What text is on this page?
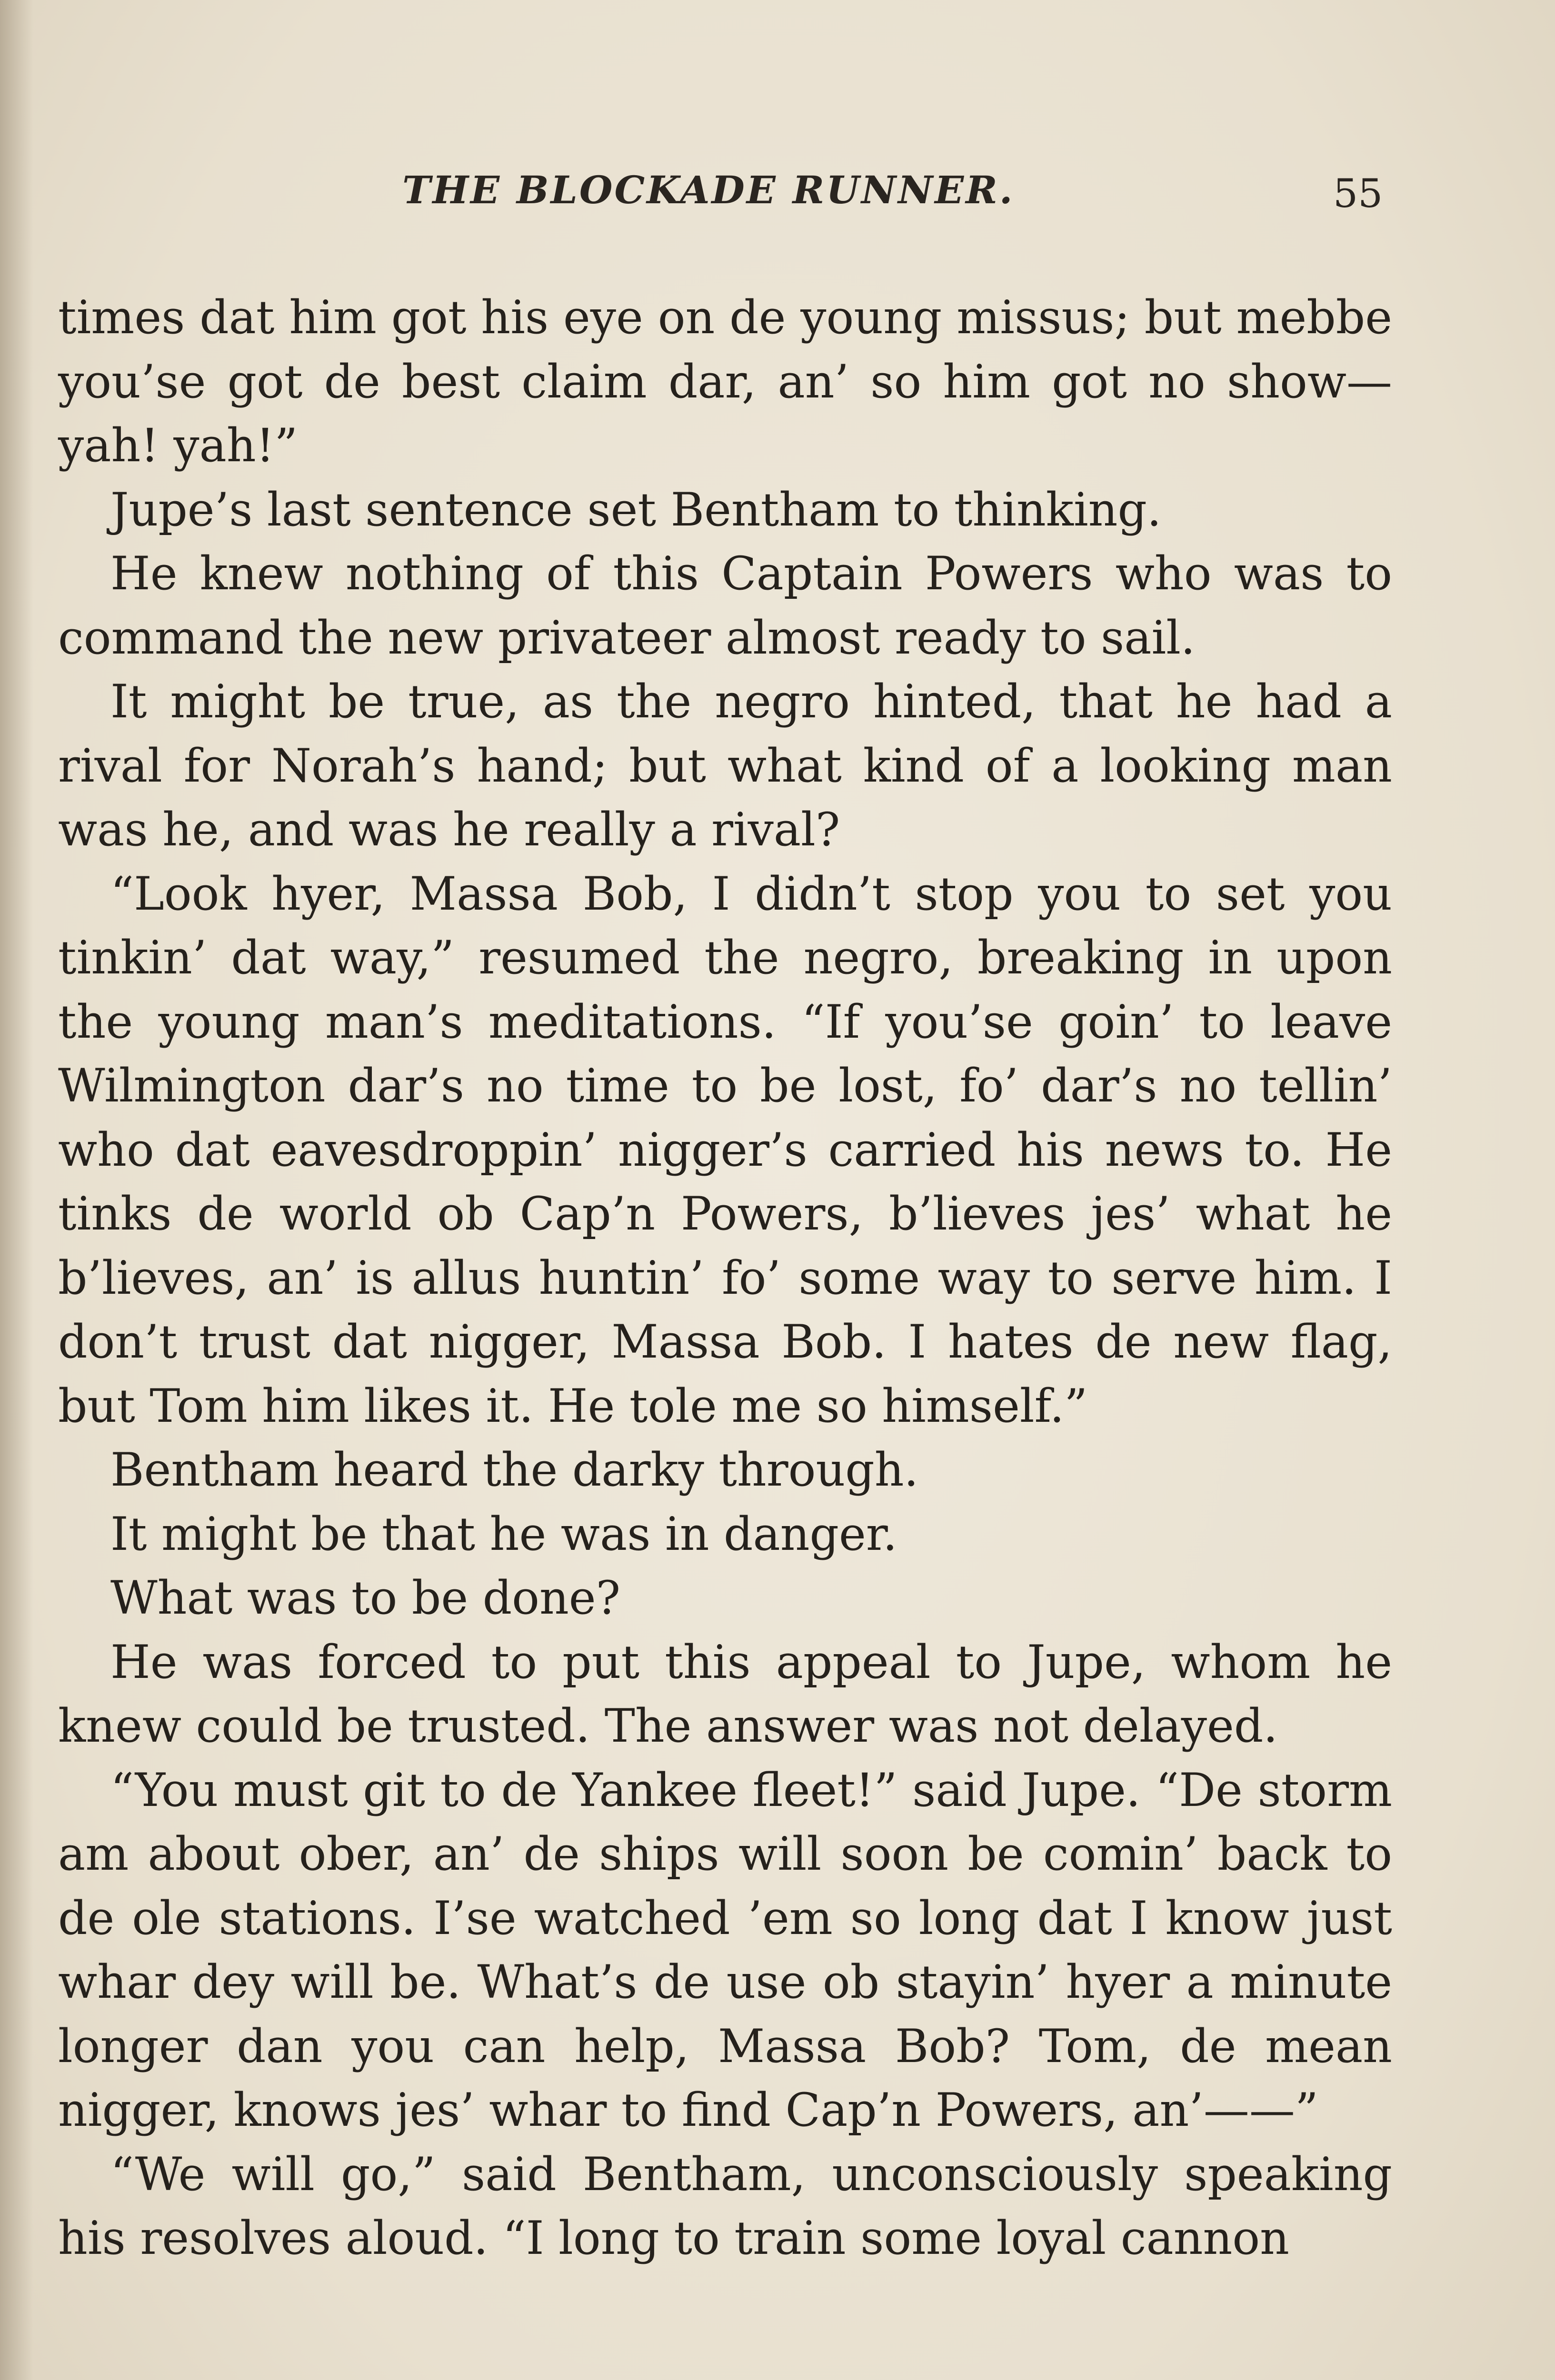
THE BLOCKADE RUNNER.	55

times dat him got his eye on de young missus; but mebbe you’se got de best claim dar, an’ so him got no show—yah! yah!”

Jupe’s last sentence set Bentham to thinking.

He knew nothing of this Captain Powers who was to command the new privateer almost ready to sail.

It might be true, as the negro hinted, that he had a rival for Norah’s hand; but what kind of a looking man was he, and was he really a rival?

“Look hyer, Massa Bob, I didn’t stop you to set you tinkin’ dat way,” resumed the negro, breaking in upon the young man’s meditations. “If you’se goin’ to leave Wilmington dar’s no time to be lost, fo’ dar’s no tellin’ who dat eavesdroppin’ nigger’s carried his news to. He tinks de world ob Cap’n Powers, b’lieves jes’ what he b’lieves, an’ is allus huntin’ fo’ some way to serve him. I don’t trust dat nigger, Massa Bob. I hates de new flag, but Tom him likes it. He tole me so himself.”

Bentham heard the darky through.

It might be that he was in danger.

What was to be done?

He was forced to put this appeal to Jupe, whom he knew could be trusted. The answer was not delayed.

“You must git to de Yankee fleet!” said Jupe. “De storm am about ober, an’ de ships will soon be comin’ back to de ole stations. I’se watched ’em so long dat I know just whar dey will be. What’s de use ob stayin’ hyer a minute longer dan you can help, Massa Bob? Tom, de mean nigger, knows jes’ whar to find Cap’n Powers, an’——”

“We will go,” said Bentham, unconsciously speaking his resolves aloud. “I long to train some loyal cannon
